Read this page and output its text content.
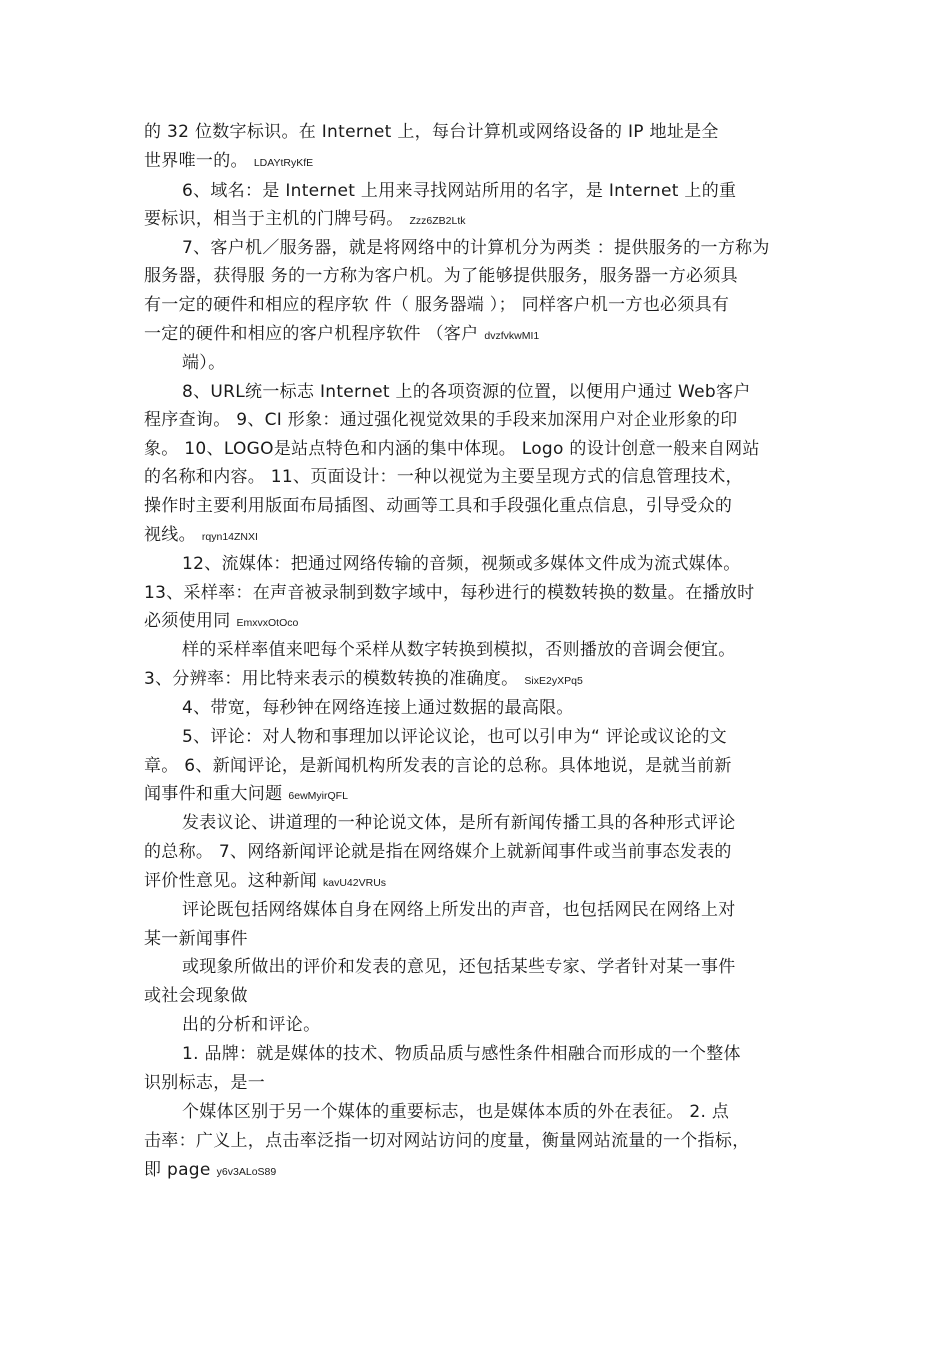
的 32 位数字标识。在 Internet 上，每台计算机或网络设备的 IP 地址是全
世界唯一的。 LDAYtRyKfE
6、域名：是 Internet 上用来寻找网站所用的名字，是 Internet 上的重
要标识，相当于主机的门牌号码。 Zzz6ZB2Ltk
7、客户机／服务器，就是将网络中的计算机分为两类 ：提供服务的一方称为
服务器，获得服 务的一方称为客户机。为了能够提供服务，服务器一方必须具
有一定的硬件和相应的程序软 件（ 服务器端 ）； 同样客户机一方也必须具有
一定的硬件和相应的客户机程序软件 （客户 dvzfvkwMI1
端）。
8、URL统一标志 Internet 上的各项资源的位置，以便用户通过 Web客户
程序查询。 9、CI 形象：通过强化视觉效果的手段来加深用户对企业形象的印
象。 10、LOGO是站点特色和内涵的集中体现。 Logo 的设计创意一般来自网站
的名称和内容。 11、页面设计：一种以视觉为主要呈现方式的信息管理技术，
操作时主要利用版面布局插图、动画等工具和手段强化重点信息，引导受众的
视线。 rqyn14ZNXI
12、流媒体：把通过网络传输的音频，视频或多媒体文件成为流式媒体。
13、采样率：在声音被录制到数字域中，每秒进行的模数转换的数量。在播放时
必须使用同 EmxvxOtOco
样的采样率值来吧每个采样从数字转换到模拟，否则播放的音调会便宜。
3、分辨率：用比特来表示的模数转换的准确度。 SixE2yXPq5
4、带宽，每秒钟在网络连接上通过数据的最高限。
5、评论：对人物和事理加以评论议论，也可以引申为“ 评论或议论的文
章。 6、新闻评论，是新闻机构所发表的言论的总称。具体地说，是就当前新
闻事件和重大问题 6ewMyirQFL
发表议论、讲道理的一种论说文体，是所有新闻传播工具的各种形式评论
的总称。 7、网络新闻评论就是指在网络媒介上就新闻事件或当前事态发表的
评价性意见。这种新闻 kavU42VRUs
评论既包括网络媒体自身在网络上所发出的声音，也包括网民在网络上对
某一新闻事件
或现象所做出的评价和发表的意见，还包括某些专家、学者针对某一事件
或社会现象做
出的分析和评论。
1. 品牌：就是媒体的技术、物质品质与感性条件相融合而形成的一个整体
识别标志，是一
个媒体区别于另一个媒体的重要标志，也是媒体本质的外在表征。 2. 点
击率：广义上，点击率泛指一切对网站访问的度量，衡量网站流量的一个指标，
即 page y6v3ALoS89
